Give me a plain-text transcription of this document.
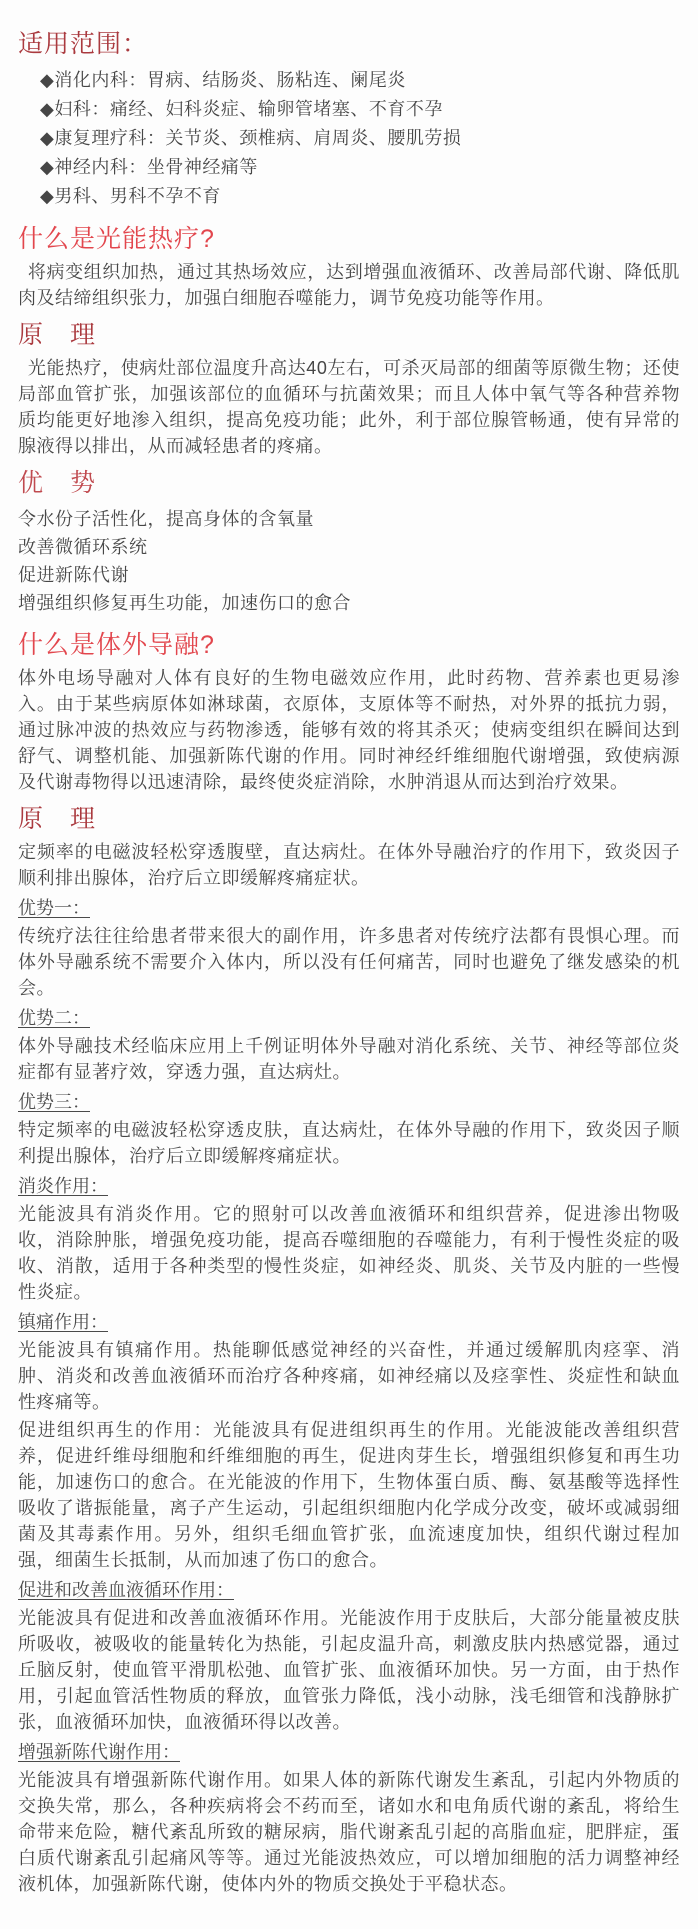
适用范围：
◆消化内科：胃病、结肠炎、肠粘连、阑尾炎
◆妇科：痛经、妇科炎症、输卵管堵塞、不育不孕
◆康复理疗科：关节炎、颈椎病、肩周炎、腰肌劳损
◆神经内科：坐骨神经痛等
◆男科、男科不孕不育
什么是光能热疗?

将病变组织加热，通过其热场效应，达到增强血液循环、改善局部代谢、降低肌肉及结缔组织张力，加强白细胞吞噬能力，调节免疫功能等作用。

原　理

光能热疗，使病灶部位温度升高达40左右，可杀灭局部的细菌等原微生物；还使局部血管扩张，加强该部位的血循环与抗菌效果；而且人体中氧气等各种营养物质均能更好地渗入组织，提高免疫功能；此外，利于部位腺管畅通，使有异常的腺液得以排出，从而减轻患者的疼痛。

优　势
令水份子活性化，提高身体的含氧量
改善微循环系统
促进新陈代谢
增强组织修复再生功能，加速伤口的愈合
什么是体外导融?

体外电场导融对人体有良好的生物电磁效应作用，此时药物、营养素也更易渗入。由于某些病原体如淋球菌，衣原体，支原体等不耐热，对外界的抵抗力弱，通过脉冲波的热效应与药物渗透，能够有效的将其杀灭；使病变组织在瞬间达到舒气、调整机能、加强新陈代谢的作用。同时神经纤维细胞代谢增强，致使病源及代谢毒物得以迅速清除，最终使炎症消除，水肿消退从而达到治疗效果。

原　理

定频率的电磁波轻松穿透腹壁，直达病灶。在体外导融治疗的作用下，致炎因子顺利排出腺体，治疗后立即缓解疼痛症状。

优势一：

传统疗法往往给患者带来很大的副作用，许多患者对传统疗法都有畏惧心理。而体外导融系统不需要介入体内，所以没有任何痛苦，同时也避免了继发感染的机会。

优势二：

体外导融技术经临床应用上千例证明体外导融对消化系统、关节、神经等部位炎症都有显著疗效，穿透力强，直达病灶。

优势三：

特定频率的电磁波轻松穿透皮肤，直达病灶，在体外导融的作用下，致炎因子顺利提出腺体，治疗后立即缓解疼痛症状。

消炎作用：

光能波具有消炎作用。它的照射可以改善血液循环和组织营养，促进渗出物吸收，消除肿胀，增强免疫功能，提高吞噬细胞的吞噬能力，有利于慢性炎症的吸收、消散，适用于各种类型的慢性炎症，如神经炎、肌炎、关节及内脏的一些慢性炎症。

镇痛作用：

光能波具有镇痛作用。热能聊低感觉神经的兴奋性，并通过缓解肌肉痉挛、消肿、消炎和改善血液循环而治疗各种疼痛，如神经痛以及痉挛性、炎症性和缺血性疼痛等。

促进组织再生的作用：光能波具有促进组织再生的作用。光能波能改善组织营养，促进纤维母细胞和纤维细胞的再生，促进肉芽生长，增强组织修复和再生功能，加速伤口的愈合。在光能波的作用下，生物体蛋白质、酶、氨基酸等选择性吸收了谐振能量，离子产生运动，引起组织细胞内化学成分改变，破坏或减弱细菌及其毒素作用。另外，组织毛细血管扩张，血流速度加快，组织代谢过程加强，细菌生长抵制，从而加速了伤口的愈合。

促进和改善血液循环作用：

光能波具有促进和改善血液循环作用。光能波作用于皮肤后，大部分能量被皮肤所吸收，被吸收的能量转化为热能，引起皮温升高，刺激皮肤内热感觉器，通过丘脑反射，使血管平滑肌松弛、血管扩张、血液循环加快。另一方面，由于热作用，引起血管活性物质的释放，血管张力降低，浅小动脉，浅毛细管和浅静脉扩张，血液循环加快，血液循环得以改善。

增强新陈代谢作用：

光能波具有增强新陈代谢作用。如果人体的新陈代谢发生紊乱，引起内外物质的交换失常，那么，各种疾病将会不药而至，诸如水和电角质代谢的紊乱，将给生命带来危险，糖代紊乱所致的糖尿病，脂代谢紊乱引起的高脂血症，肥胖症，蛋白质代谢紊乱引起痛风等等。通过光能波热效应，可以增加细胞的活力调整神经液机体，加强新陈代谢，使体内外的物质交换处于平稳状态。
